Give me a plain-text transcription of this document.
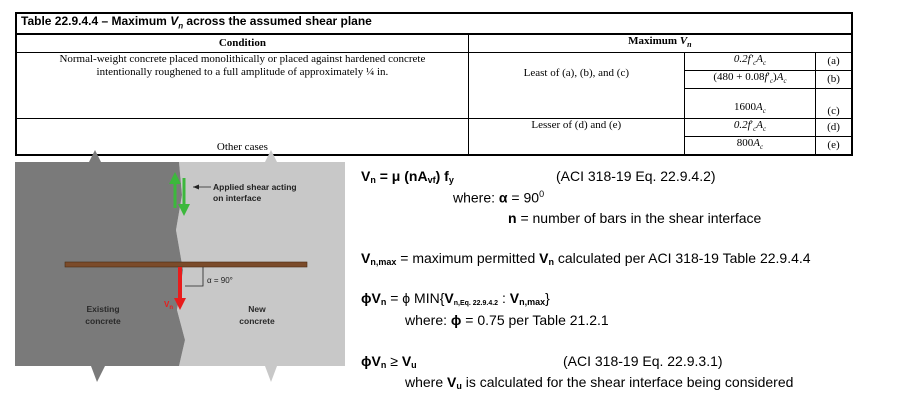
Table 22.9.4.4 – Maximum $V_n$ across the assumed shear plane			
Condition	Maximum $V_n$

Normal-weight concrete placed monolithically or placed against hardened concrete
intentionally roughened to a full amplitude of approximately ¼ in.	Least of (a), (b), and (c)	$0.2f'_cA_c$	(a)
		$(480 + 0.08f'_c)A_c$	(b)
		$1600A_c$	(c)
Other cases	Lesser of (d) and (e)	$0.2f'_cA_c$	(d)
		$800A_c$	(e)
Applied shear acting
on interface
α = 90°
$V_n$
Existing
concrete
New
concrete
$V_n = \mu$ $(nA_{vf})$ $f_y$	(ACI 318-19 Eq. 22.9.4.2)
where: $\alpha = 90^0$
n = number of bars in the shear interface
$V_{n,max}$ = maximum permitted $V_n$ calculated per ACI 318-19 Table 22.9.4.4
$\phi V_n = \phi$ $MIN\{V_{n,Eq. 22.9.4.2}$ : $V_{n,max}$}
where: ϕ = 0.75 per Table 21.2.1
$\phi V_n \ge V_u$	(ACI 318-19 Eq. 22.9.3.1)
where $V_u$ is calculated for the shear interface being considered
